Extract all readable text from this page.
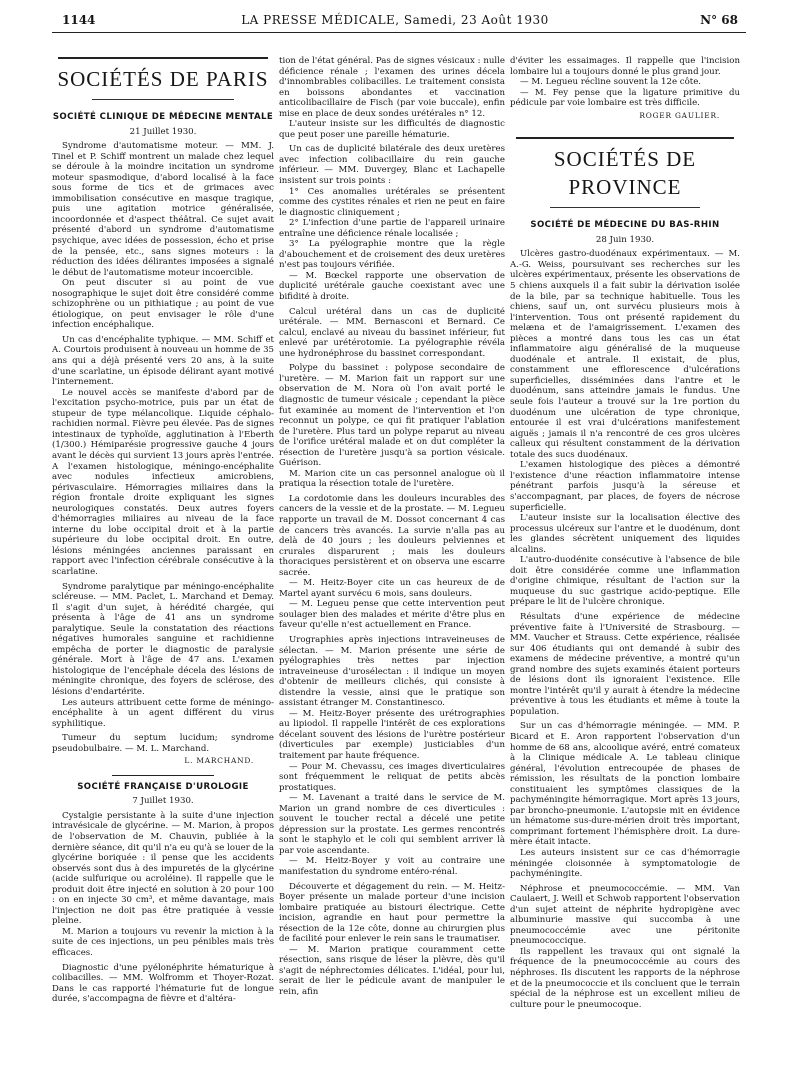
1144	LA PRESSE MÉDICALE, Samedi, 23 Août 1930	N° 68
SOCIÉTÉS DE PARIS
SOCIÉTÉ CLINIQUE DE MÉDECINE MENTALE
21 Juillet 1930.

Syndrome d'automatisme moteur. — MM. J. Tinel et P. Schiff montrent un malade chez lequel se déroule à la moindre incitation un syndrome moteur spasmodique, d'abord localisé à la face sous forme de tics et de grimaces avec immobilisation consécutive en masque tragique, puis une agitation motrice généralisée, incoordonnée et d'aspect théâtral. Ce sujet avait présenté d'abord un syndrome d'automatisme psychique, avec idées de possession, écho et prise de la pensée, etc., sans signes moteurs : la réduction des idées délirantes imposées a signalé le début de l'automatisme moteur incoercible.

On peut discuter si au point de vue nosographique le sujet doit être considéré comme schizophrène ou un pithiatique ; au point de vue étiologique, on peut envisager le rôle d'une infection encéphalique.

Un cas d'encéphalite typhique. — MM. Schiff et A. Courtois produisent à nouveau un homme de 35 ans qui a déjà présenté vers 20 ans, à la suite d'une scarlatine, un épisode délirant ayant motivé l'internement.

Le nouvel accès se manifeste d'abord par de l'excitation psycho-motrice, puis par un état de stupeur de type mélancolique. Liquide céphalo-rachidien normal. Fièvre peu élevée. Pas de signes intestinaux de typhoïde, agglutination à l'Eberth (1/300.) Hémiparésie progressive gauche 4 jours avant le décès qui survient 13 jours après l'entrée. A l'examen histologique, méningo-encéphalite avec nodules infectieux amicrobiens, périvasculaire. Hémorragies miliaires dans la région frontale droite expliquant les signes neurologiques constatés. Deux autres foyers d'hémorragies miliaires au niveau de la face interne du lobe occipital droit et à la partie supérieure du lobe occipital droit. En outre, lésions méningées anciennes paraissant en rapport avec l'infection cérébrale consécutive à la scarlatine.

Syndrome paralytique par méningo-encéphalite scléreuse. — MM. Paclet, L. Marchand et Demay. Il s'agit d'un sujet, à hérédité chargée, qui présenta à l'âge de 41 ans un syndrome paralytique. Seule la constatation des réactions négatives humorales sanguine et rachidienne empêcha de porter le diagnostic de paralysie générale. Mort à l'âge de 47 ans. L'examen histologique de l'encéphale décela des lésions de méningite chronique, des foyers de sclérose, des lésions d'endartérite.

Les auteurs attribuent cette forme de méningo-encéphalite à un agent différent du virus syphilitique.

Tumeur du septum lucidum; syndrome pseudobulbaire. — M. L. Marchand.

L. MARCHAND.
SOCIÉTÉ FRANÇAISE D'UROLOGIE
7 Juillet 1930.

Cystalgie persistante à la suite d'une injection intravésicale de glycérine. — M. Marion, à propos de l'observation de M. Chauvin, publiée à la dernière séance, dit qu'il n'a eu qu'à se louer de la glycérine boriquée : il pense que les accidents observés sont dus à des impuretés de la glycérine (acide sulfurique ou acroléine). Il rappelle que le produit doit être injecté en solution à 20 pour 100 : on en injecte 30 cm³, et même davantage, mais l'injection ne doit pas être pratiquée à vessie pleine.

M. Marion a toujours vu revenir la miction à la suite de ces injections, un peu pénibles mais très efficaces.

Diagnostic d'une pyélonéphrite hématurique à colibacilles. — MM. Wolfromm et Thoyer-Rozat. Dans le cas rapporté l'hématurie fut de longue durée, s'accompagna de fièvre et d'altéra-

tion de l'état général. Pas de signes vésicaux : nulle déficience rénale ; l'examen des urines décela d'innombrables colibacilles. Le traitement consista en boissons abondantes et vaccination anticolibacillaire de Fisch (par voie buccale), enfin mise en place de deux sondes urétérales n° 12.

L'auteur insiste sur les difficultés de diagnostic que peut poser une pareille hématurie.

Un cas de duplicité bilatérale des deux uretères avec infection colibacillaire du rein gauche inférieur. — MM. Duvergey, Blanc et Lachapelle insistent sur trois points :

1° Ces anomalies urétérales se présentent comme des cystites rénales et rien ne peut en faire le diagnostic cliniquement ;

2° L'infection d'une partie de l'appareil urinaire entraîne une déficience rénale localisée ;

3° La pyélographie montre que la règle d'abouchement et de croisement des deux uretères n'est pas toujours vérifiée.

— M. Bœckel rapporte une observation de duplicité urétérale gauche coexistant avec une bifidité à droite.

Calcul urétéral dans un cas de duplicité urétérale. — MM. Bernasconi et Bernard. Ce calcul, enclavé au niveau du bassinet inférieur, fut enlevé par urétérotomie. La pyélographie révéla une hydronéphrose du bassinet correspondant.

Polype du bassinet : polypose secondaire de l'uretère. — M. Marion fait un rapport sur une observation de M. Nora où l'on avait porté le diagnostic de tumeur vésicale ; cependant la pièce fut examinée au moment de l'intervention et l'on reconnut un polype, ce qui fit pratiquer l'ablation de l'uretère. Plus tard un polype reparut au niveau de l'orifice urétéral malade et on dut compléter la résection de l'uretère jusqu'à sa portion vésicale. Guérison.

M. Marion cite un cas personnel analogue où il pratiqua la résection totale de l'uretère.

La cordotomie dans les douleurs incurables des cancers de la vessie et de la prostate. — M. Legueu rapporte un travail de M. Dossot concernant 4 cas de cancers très avancés. La survie n'alla pas au delà de 40 jours ; les douleurs pelviennes et crurales disparurent ; mais les douleurs thoraciques persistèrent et on observa une escarre sacrée.

— M. Heitz-Boyer cite un cas heureux de de Martel ayant survécu 6 mois, sans douleurs.

— M. Legueu pense que cette intervention peut soulager bien des malades et mérite d'être plus en faveur qu'elle n'est actuellement en France.

Urographies après injections intraveineuses de sélectan. — M. Marion présente une série de pyélographies très nettes par injection intraveineuse d'urosélectan : il indique un moyen d'obtenir de meilleurs clichés, qui consiste à distendre la vessie, ainsi que le pratique son assistant étranger M. Constantinesco.

— M. Heitz-Boyer présente des urétrographies au lipiodol. Il rappelle l'intérêt de ces explorations décelant souvent des lésions de l'urètre postérieur (diverticules par exemple) justiciables d'un traitement par haute fréquence.

— Pour M. Chevassu, ces images diverticulaires sont fréquemment le reliquat de petits abcès prostatiques.

— M. Lavenant a traité dans le service de M. Marion un grand nombre de ces diverticules : souvent le toucher rectal a décelé une petite dépression sur la prostate. Les germes rencontrés sont le staphylo et le coli qui semblent arriver là par voie ascendante.

— M. Heitz-Boyer y voit au contraire une manifestation du syndrome entéro-rénal.

Découverte et dégagement du rein. — M. Heitz-Boyer présente un malade porteur d'une incision lombaire pratiquée au bistouri électrique. Cette incision, agrandie en haut pour permettre la résection de la 12e côte, donne au chirurgien plus de facilité pour enlever le rein sans le traumatiser.

— M. Marion pratique couramment cette résection, sans risque de léser la plèvre, dès qu'il s'agit de néphrectomies délicates. L'idéal, pour lui, serait de lier le pédicule avant de manipuler le rein, afin

d'éviter les essaimages. Il rappelle que l'incision lombaire lui a toujours donné le plus grand jour.

— M. Legueu récline souvent la 12e côte.

— M. Fey pense que la ligature primitive du pédicule par voie lombaire est très difficile.

ROGER GAULIER.
SOCIÉTÉS DE PROVINCE
SOCIÉTÉ DE MÉDECINE DU BAS-RHIN
28 Juin 1930.

Ulcères gastro-duodénaux expérimentaux. — M. A.-G. Weiss, poursuivant ses recherches sur les ulcères expérimentaux, présente les observations de 5 chiens auxquels il a fait subir la dérivation isolée de la bile, par sa technique habituelle. Tous les chiens, sauf un, ont survécu plusieurs mois à l'intervention. Tous ont présenté rapidement du melæna et de l'amaigrissement. L'examen des pièces a montré dans tous les cas un état inflammatoire aigu généralisé de la muqueuse duodénale et antrale. Il existait, de plus, constamment une efflorescence d'ulcérations superficielles, disséminées dans l'antre et le duodénum, sans atteindre jamais le fundus. Une seule fois l'auteur a trouvé sur la 1re portion du duodénum une ulcération de type chronique, entourée il est vrai d'ulcérations manifestement aiguës ; jamais il n'a rencontré de ces gros ulcères calleux qui résultent constamment de la dérivation totale des sucs duodénaux.

L'examen histologique des pièces a démontré l'existence d'une réaction inflammatoire intense pénétrant parfois jusqu'à la séreuse et s'accompagnant, par places, de foyers de nécrose superficielle.

L'auteur insiste sur la localisation élective des processus ulcéreux sur l'antre et le duodénum, dont les glandes sécrètent uniquement des liquides alcalins.

L'autro-duodénite consécutive à l'absence de bile doit être considérée comme une inflammation d'origine chimique, résultant de l'action sur la muqueuse du suc gastrique acido-peptique. Elle prépare le lit de l'ulcère chronique.

Résultats d'une expérience de médecine préventive faite à l'Université de Strasbourg. — MM. Vaucher et Strauss. Cette expérience, réalisée sur 406 étudiants qui ont demandé à subir des examens de médecine préventive, a montré qu'un grand nombre des sujets examinés étaient porteurs de lésions dont ils ignoraient l'existence. Elle montre l'intérêt qu'il y aurait à étendre la médecine préventive à tous les étudiants et même à toute la population.

Sur un cas d'hémorragie méningée. — MM. P. Bicard et E. Aron rapportent l'observation d'un homme de 68 ans, alcoolique avéré, entré comateux à la Clinique médicale A. Le tableau clinique général, l'évolution entrecoupée de phases de rémission, les résultats de la ponction lombaire constituaient les symptômes classiques de la pachyméningite hémorragique. Mort après 13 jours, par broncho-pneumonie. L'autopsie mit en évidence un hématome sus-dure-mérien droit très important, comprimant fortement l'hémisphère droit. La dure-mère était intacte.

Les auteurs insistent sur ce cas d'hémorragie méningée cloisonnée à symptomatologie de pachyméningite.

Néphrose et pneumococcémie. — MM. Van Caulaert, J. Weill et Schwob rapportent l'observation d'un sujet atteint de néphrite hydropigène avec albuminurie massive qui succomba à une pneumococcémie avec une péritonite pneumococcique.

Ils rappellent les travaux qui ont signalé la fréquence de la pneumococcémie au cours des néphroses. Ils discutent les rapports de la néphrose et de la pneumococcie et ils concluent que le terrain spécial de la néphrose est un excellent milieu de culture pour le pneumocoque.
